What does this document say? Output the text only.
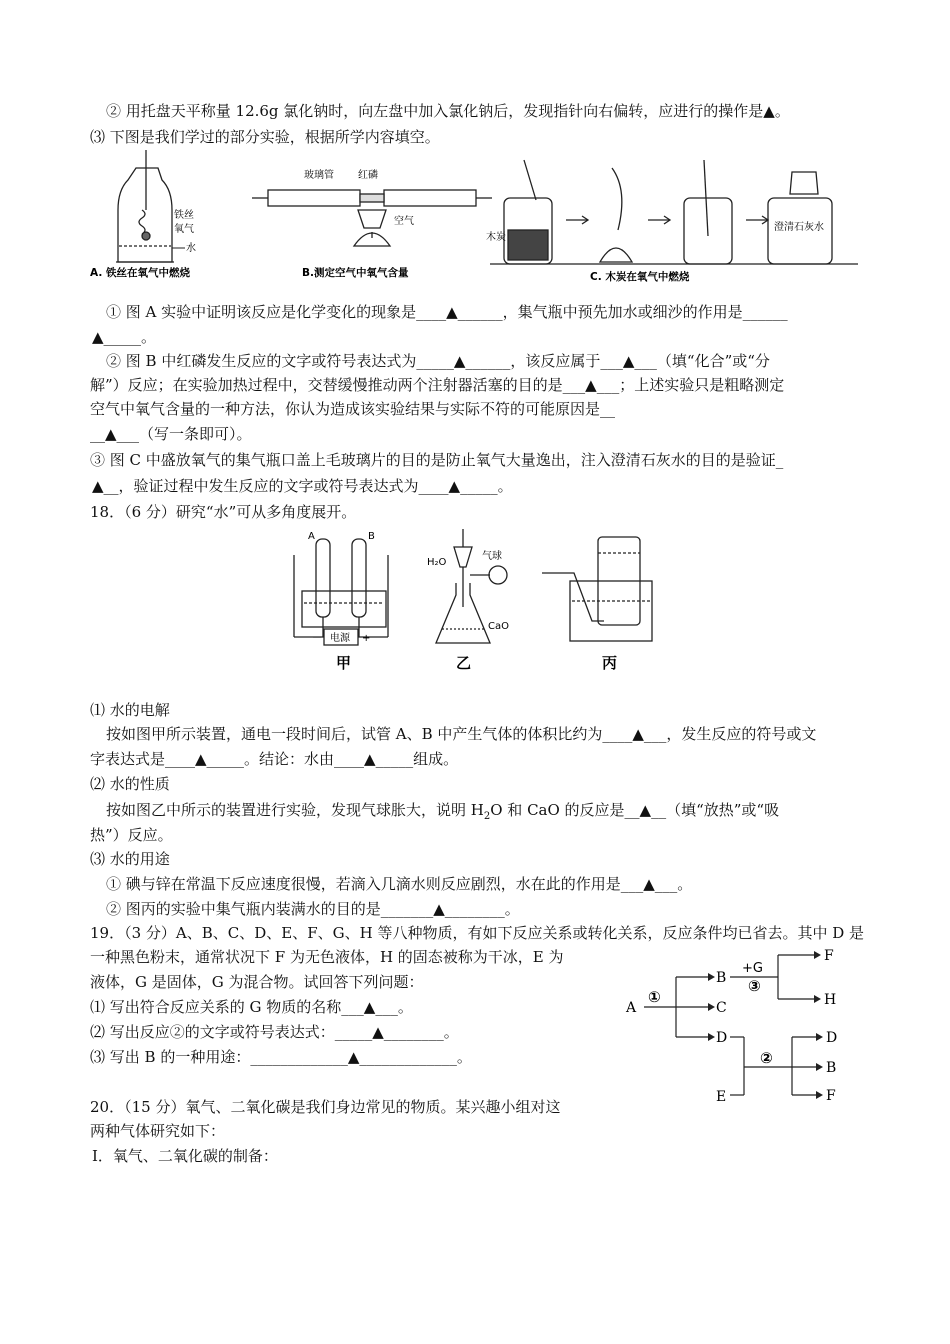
② 用托盘天平称量 12.6g 氯化钠时，向左盘中加入氯化钠后，发现指针向右偏转，应进行的操作是▲。
⑶ 下图是我们学过的部分实验，根据所学内容填空。
铁丝
氧气
水
A. 铁丝在氧气中燃烧
玻璃管 红磷
空气
B.测定空气中氧气含量
木炭
澄清石灰水
C. 木炭在氧气中燃烧
① 图 A 实验中证明该反应是化学变化的现象是____▲______，集气瓶中预先加水或细沙的作用是______
▲_____。
② 图 B 中红磷发生反应的文字或符号表达式为_____▲______，该反应属于___▲___（填“化合”或“分
解”）反应；在实验加热过程中，交替缓慢推动两个注射器活塞的目的是___▲___；上述实验只是粗略测定
空气中氧气含量的一种方法，你认为造成该实验结果与实际不符的可能原因是__
__▲___（写一条即可）。
③ 图 C 中盛放氧气的集气瓶口盖上毛玻璃片的目的是防止氧气大量逸出，注入澄清石灰水的目的是验证_
▲__，验证过程中发生反应的文字或符号表达式为____▲_____。
18．（6 分）研究“水”可从多角度展开。
A	B
电源
－	+
甲
H₂O
气球
CaO
乙	丙
⑴ 水的电解
按如图甲所示装置，通电一段时间后，试管 A、B 中产生气体的体积比约为____▲___，发生反应的符号或文
字表达式是____▲_____。结论：水由____▲_____组成。
⑵ 水的性质
按如图乙中所示的装置进行实验，发现气球胀大，说明 $H_2O$ 和 CaO 的反应是__▲__（填“放热”或“吸
热”）反应。
⑶ 水的用途
① 碘与锌在常温下反应速度很慢，若滴入几滴水则反应剧烈，水在此的作用是___▲___。
② 图丙的实验中集气瓶内装满水的目的是_______▲________。
19．（3 分）A、B、C、D、E、F、G、H 等八种物质，有如下反应关系或转化关系，反应条件均已省去。其中 D 是
一种黑色粉末，通常状况下 F 为无色液体，H 的固态被称为干冰，E 为
液体，G 是固体，G 为混合物。试回答下列问题：
⑴ 写出符合反应关系的 G 物质的名称___▲___。
⑵ 写出反应②的文字或符号表达式：_____▲________。
⑶ 写出 B 的一种用途：_____________▲_____________。
A
B
C
D
E
F
H
D
B
F
+G
①
③
②
20．（15 分）氧气、二氧化碳是我们身边常见的物质。某兴趣小组对这
两种气体研究如下：
Ⅰ．氧气、二氧化碳的制备：
